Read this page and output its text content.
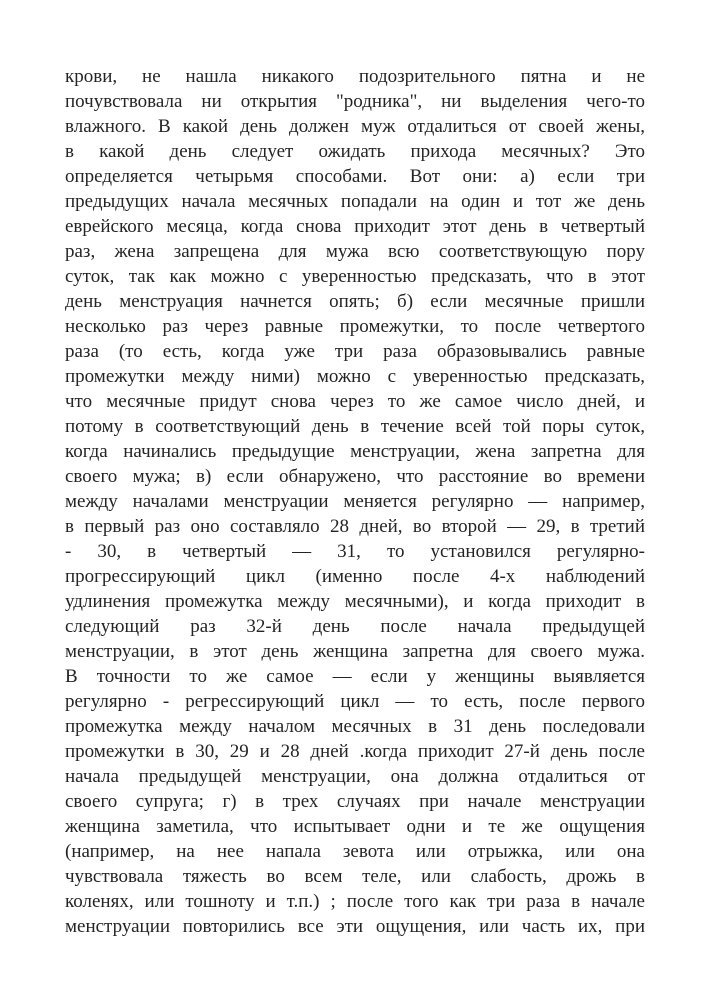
крови, не нашла никакого подозрительного пятна и не
почувствовала ни открытия "родника", ни выделения чего-то
влажного. В какой день должен муж отдалиться от своей жены,
в какой день следует ожидать прихода месячных? Это
определяется четырьмя способами. Вот они: а) если три
предыдущих начала месячных попадали на один и тот же день
еврейского месяца, когда снова приходит этот день в четвертый
раз, жена запрещена для мужа всю соответствующую пору
суток, так как можно с уверенностью предсказать, что в этот
день менструация начнется опять; б) если месячные пришли
несколько раз через равные промежутки, то после четвертого
раза (то есть, когда уже три раза образовывались равные
промежутки между ними) можно с уверенностью предсказать,
что месячные придут снова через то же самое число дней, и
потому в соответствующий день в течение всей той поры суток,
когда начинались предыдущие менструации, жена запретна для
своего мужа; в) если обнаружено, что расстояние во времени
между началами менструации меняется регулярно — например,
в первый раз оно составляло 28 дней, во второй — 29, в третий
- 30, в четвертый — 31, то установился регулярно-
прогрессирующий цикл (именно после 4-х наблюдений
удлинения промежутка между месячными), и когда приходит в
следующий раз 32-й день после начала предыдущей
менструации, в этот день женщина запретна для своего мужа.
В точности то же самое — если у женщины выявляется
регулярно - регрессирующий цикл — то есть, после первого
промежутка между началом месячных в 31 день последовали
промежутки в 30, 29 и 28 дней .когда приходит 27-й день после
начала предыдущей менструации, она должна отдалиться от
своего супруга; г) в трех случаях при начале менструации
женщина заметила, что испытывает одни и те же ощущения
(например, на нее напала зевота или отрыжка, или она
чувствовала тяжесть во всем теле, или слабость, дрожь в
коленях, или тошноту и т.п.) ; после того как три раза в начале
менструации повторились все эти ощущения, или часть их, при
